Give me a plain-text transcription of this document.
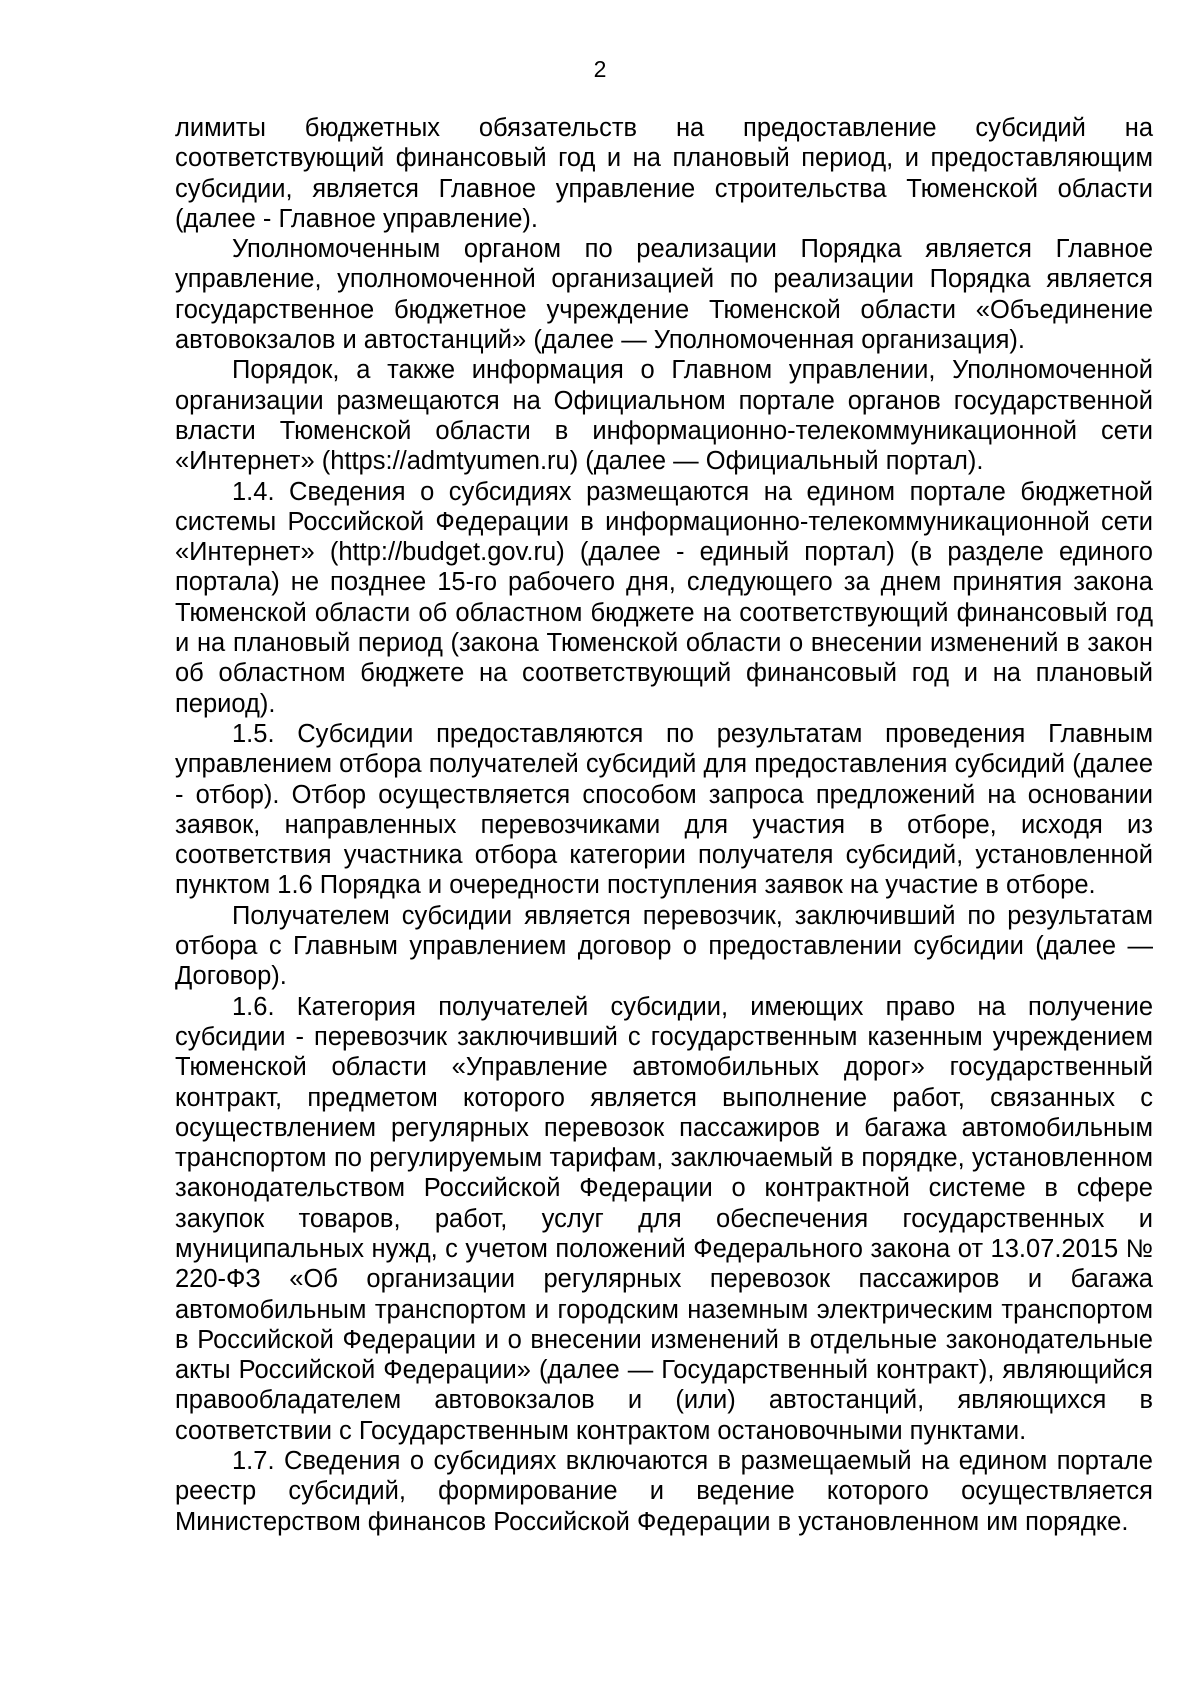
2

лимиты бюджетных обязательств на предоставление субсидий на соответствующий финансовый год и на плановый период, и предоставляющим субсидии, является Главное управление строительства Тюменской области (далее - Главное управление).

Уполномоченным органом по реализации Порядка является Главное управление, уполномоченной организацией по реализации Порядка является государственное бюджетное учреждение Тюменской области «Объединение автовокзалов и автостанций» (далее — Уполномоченная организация).

Порядок, а также информация о Главном управлении, Уполномоченной организации размещаются на Официальном портале органов государственной власти Тюменской области в информационно-телекоммуникационной сети «Интернет» (https://admtyumen.ru) (далее — Официальный портал).

1.4. Сведения о субсидиях размещаются на едином портале бюджетной системы Российской Федерации в информационно-телекоммуникационной сети «Интернет» (http://budget.gov.ru) (далее - единый портал) (в разделе единого портала) не позднее 15-го рабочего дня, следующего за днем принятия закона Тюменской области об областном бюджете на соответствующий финансовый год и на плановый период (закона Тюменской области о внесении изменений в закон об областном бюджете на соответствующий финансовый год и на плановый период).

1.5. Субсидии предоставляются по результатам проведения Главным управлением отбора получателей субсидий для предоставления субсидий (далее - отбор). Отбор осуществляется способом запроса предложений на основании заявок, направленных перевозчиками для участия в отборе, исходя из соответствия участника отбора категории получателя субсидий, установленной пунктом 1.6 Порядка и очередности поступления заявок на участие в отборе.

Получателем субсидии является перевозчик, заключивший по результатам отбора с Главным управлением договор о предоставлении субсидии (далее — Договор).

1.6. Категория получателей субсидии, имеющих право на получение субсидии - перевозчик заключивший с государственным казенным учреждением Тюменской области «Управление автомобильных дорог» государственный контракт, предметом которого является выполнение работ, связанных с осуществлением регулярных перевозок пассажиров и багажа автомобильным транспортом по регулируемым тарифам, заключаемый в порядке, установленном законодательством Российской Федерации о контрактной системе в сфере закупок товаров, работ, услуг для обеспечения государственных и муниципальных нужд, с учетом положений Федерального закона от 13.07.2015 № 220-ФЗ «Об организации регулярных перевозок пассажиров и багажа автомобильным транспортом и городским наземным электрическим транспортом в Российской Федерации и о внесении изменений в отдельные законодательные акты Российской Федерации» (далее — Государственный контракт), являющийся правообладателем автовокзалов и (или) автостанций, являющихся в соответствии с Государственным контрактом остановочными пунктами.

1.7. Сведения о субсидиях включаются в размещаемый на едином портале реестр субсидий, формирование и ведение которого осуществляется Министерством финансов Российской Федерации в установленном им порядке.
